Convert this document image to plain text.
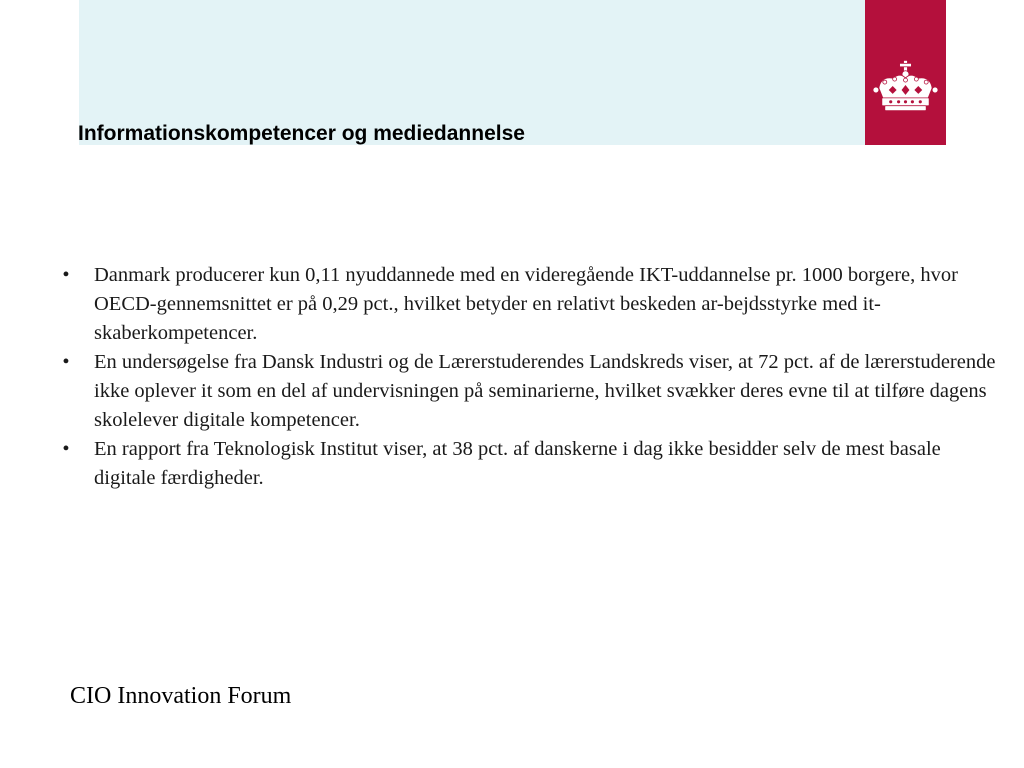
Informationskompetencer og mediedannelse
•	Danmark producerer kun 0,11 nyuddannede med en videregående IKT-uddannelse pr. 1000 borgere, hvor OECD-gennemsnittet er på 0,29 pct., hvilket betyder en relativt beskeden ar-bejdsstyrke med it-skaberkompetencer.
•	En undersøgelse fra Dansk Industri og de Lærerstuderendes Landskreds viser, at 72 pct. af de lærerstuderende ikke oplever it som en del af undervisningen på seminarierne, hvilket svækker deres evne til at tilføre dagens skolelever digitale kompetencer.
•	En rapport fra Teknologisk Institut viser, at 38 pct. af danskerne i dag ikke besidder selv de mest basale digitale færdigheder.
CIO Innovation Forum
